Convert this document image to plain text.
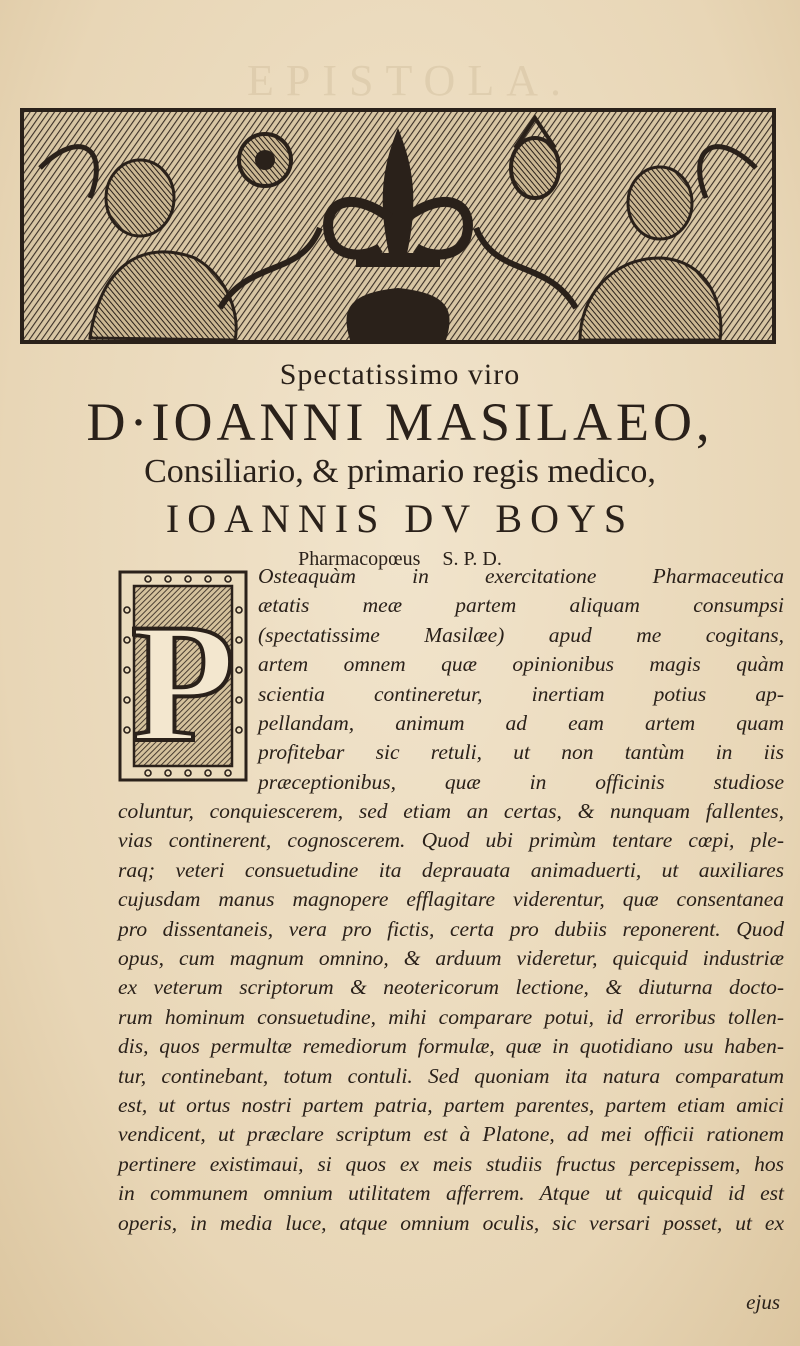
EPISTOLA.
Spectatissimo viro
D·IOANNI MASILAEO,
Consiliario, & primario regis medico,
IOANNIS DV BOYS
Pharmacopœus S. P. D.
P
Osteaquàm in exercitatione Pharmaceutica
ætatis meæ partem aliquam consumpsi
(spectatissime Masilæe) apud me cogitans,
artem omnem quæ opinionibus magis quàm
scientia contineretur, inertiam potius ap-
pellandam, animum ad eam artem quam
profitebar sic retuli, ut non tantùm in iis
præceptionibus, quæ in officinis studiose
coluntur, conquiescerem, sed etiam an certas, & nunquam fallentes,
vias continerent, cognoscerem. Quod ubi primùm tentare cœpi, ple-
raq; veteri consuetudine ita deprauata animaduerti, ut auxiliares
cujusdam manus magnopere efflagitare viderentur, quæ consentanea
pro dissentaneis, vera pro fictis, certa pro dubiis reponerent. Quod
opus, cum magnum omnino, & arduum videretur, quicquid industriæ
ex veterum scriptorum & neotericorum lectione, & diuturna docto-
rum hominum consuetudine, mihi comparare potui, id erroribus tollen-
dis, quos permultæ remediorum formulæ, quæ in quotidiano usu haben-
tur, continebant, totum contuli. Sed quoniam ita natura comparatum
est, ut ortus nostri partem patria, partem parentes, partem etiam amici
vendicent, ut præclare scriptum est à Platone, ad mei officii rationem
pertinere existimaui, si quos ex meis studiis fructus percepissem, hos
in communem omnium utilitatem afferrem. Atque ut quicquid id est
operis, in media luce, atque omnium oculis, sic versari posset, ut ex
ejus
